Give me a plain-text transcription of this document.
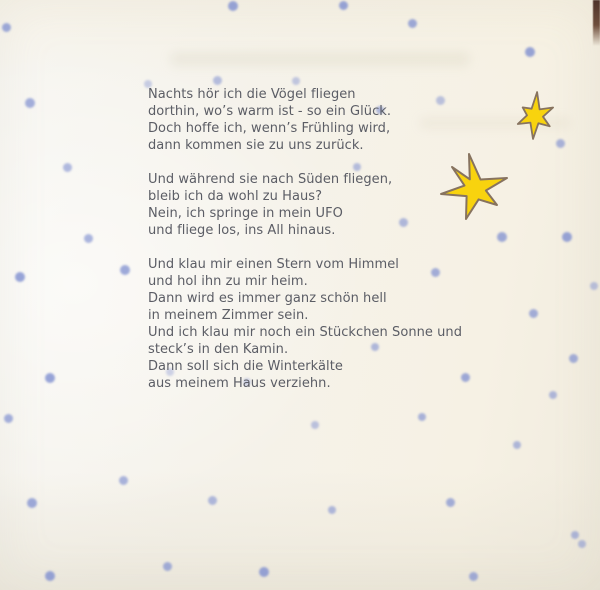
Nachts hör ich die Vögel fliegen
dorthin, wo’s warm ist - so ein Glück.
Doch hoffe ich, wenn’s Frühling wird,
dann kommen sie zu uns zurück.
Und während sie nach Süden fliegen,
bleib ich da wohl zu Haus?
Nein, ich springe in mein UFO
und fliege los, ins All hinaus.
Und klau mir einen Stern vom Himmel
und hol ihn zu mir heim.
Dann wird es immer ganz schön hell
in meinem Zimmer sein.
Und ich klau mir noch ein Stückchen Sonne und
steck’s in den Kamin.
Dann soll sich die Winterkälte
aus meinem Haus verziehn.
